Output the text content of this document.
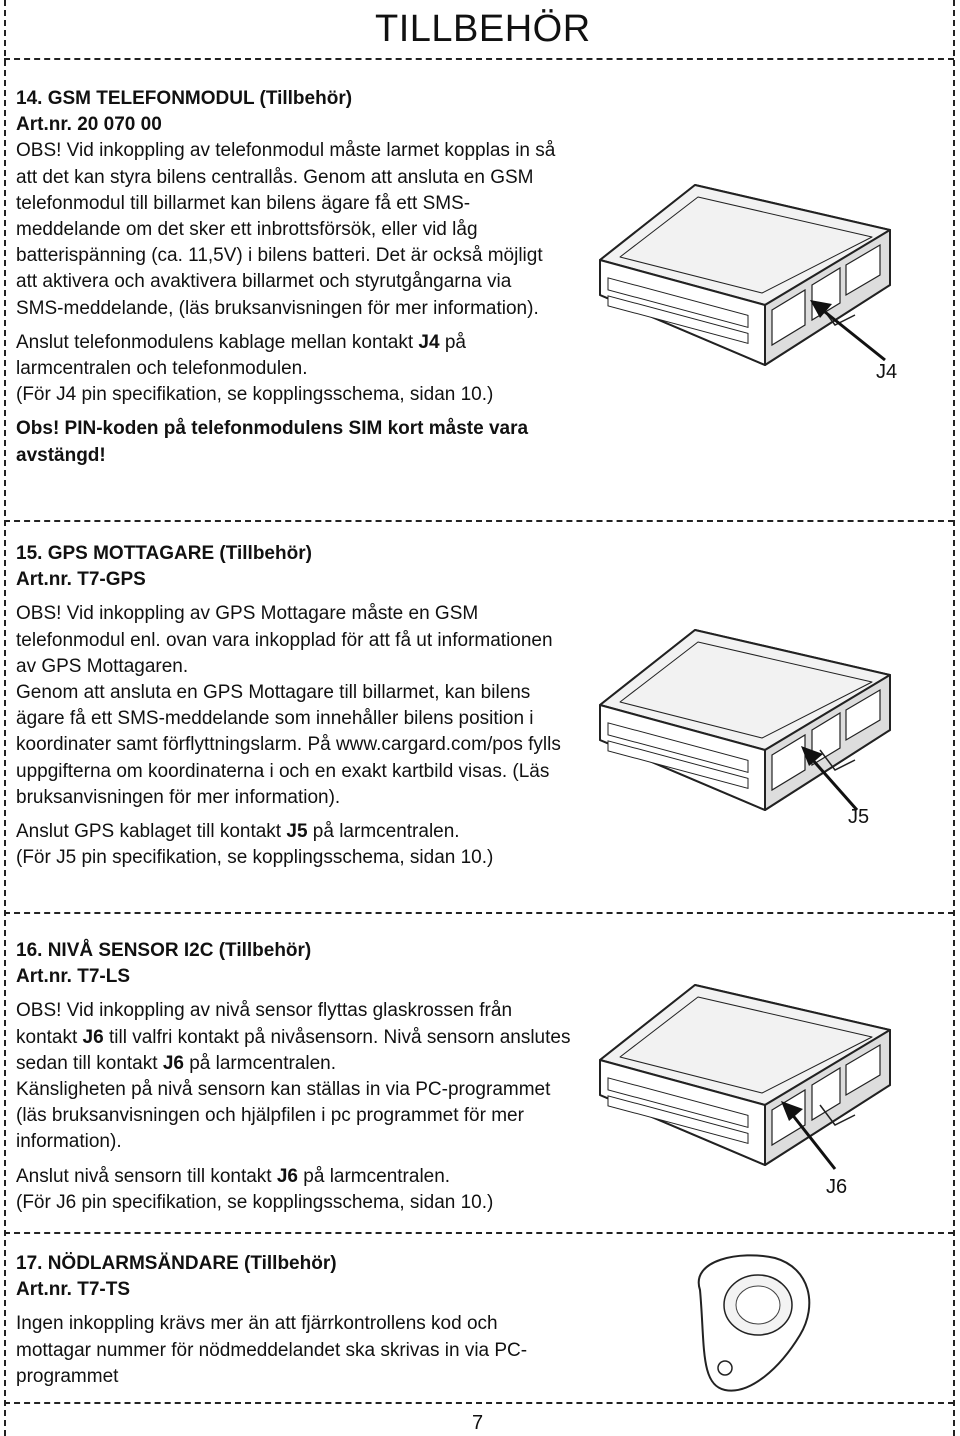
TILLBEHÖR

14. GSM TELEFONMODUL (Tillbehör)

Art.nr. 20 070 00

OBS! Vid inkoppling av telefonmodul måste larmet kopplas in så att det kan styra bilens centrallås. Genom att ansluta en GSM telefonmodul till billarmet kan bilens ägare få ett SMS-meddelande om det sker ett inbrottsförsök, eller vid låg batterispänning (ca. 11,5V) i bilens batteri. Det är också möjligt att aktivera och avaktivera billarmet och styrutgångarna via SMS-meddelande, (läs bruksanvisningen för mer information).

Anslut telefonmodulens kablage mellan kontakt J4 på larmcentralen och telefonmodulen.

(För J4 pin specifikation, se kopplingsschema, sidan 10.)

Obs! PIN-koden på telefonmodulens SIM kort måste vara avstängd!

15. GPS MOTTAGARE (Tillbehör)

Art.nr. T7-GPS

OBS! Vid inkoppling av GPS Mottagare måste en GSM telefonmodul enl. ovan vara inkopplad för att få ut informationen av GPS Mottagaren.

Genom att ansluta en GPS Mottagare till billarmet, kan bilens ägare få ett SMS-meddelande som innehåller bilens position i koordinater samt förflyttningslarm. På www.cargard.com/pos fylls uppgifterna om koordinaterna i och en exakt kartbild visas. (Läs bruksanvisningen för mer information).

Anslut GPS kablaget till kontakt J5 på larmcentralen.

(För J5 pin specifikation, se kopplingsschema, sidan 10.)

16. NIVÅ SENSOR I2C (Tillbehör)

Art.nr. T7-LS

OBS! Vid inkoppling av nivå sensor flyttas glaskrossen från kontakt J6 till valfri kontakt på nivåsensorn. Nivå sensorn anslutes sedan till kontakt J6 på larmcentralen.

Känsligheten på nivå sensorn kan ställas in via PC-programmet (läs bruksanvisningen och hjälpfilen i pc programmet för mer information).

Anslut nivå sensorn till kontakt J6 på larmcentralen.

(För J6 pin specifikation, se kopplingsschema, sidan 10.)

17. NÖDLARMSÄNDARE (Tillbehör)

Art.nr. T7-TS

Ingen inkoppling krävs mer än att fjärrkontrollens kod och mottagar nummer för nödmeddelandet ska skrivas in via PC-programmet

J4
J5
J6
7
